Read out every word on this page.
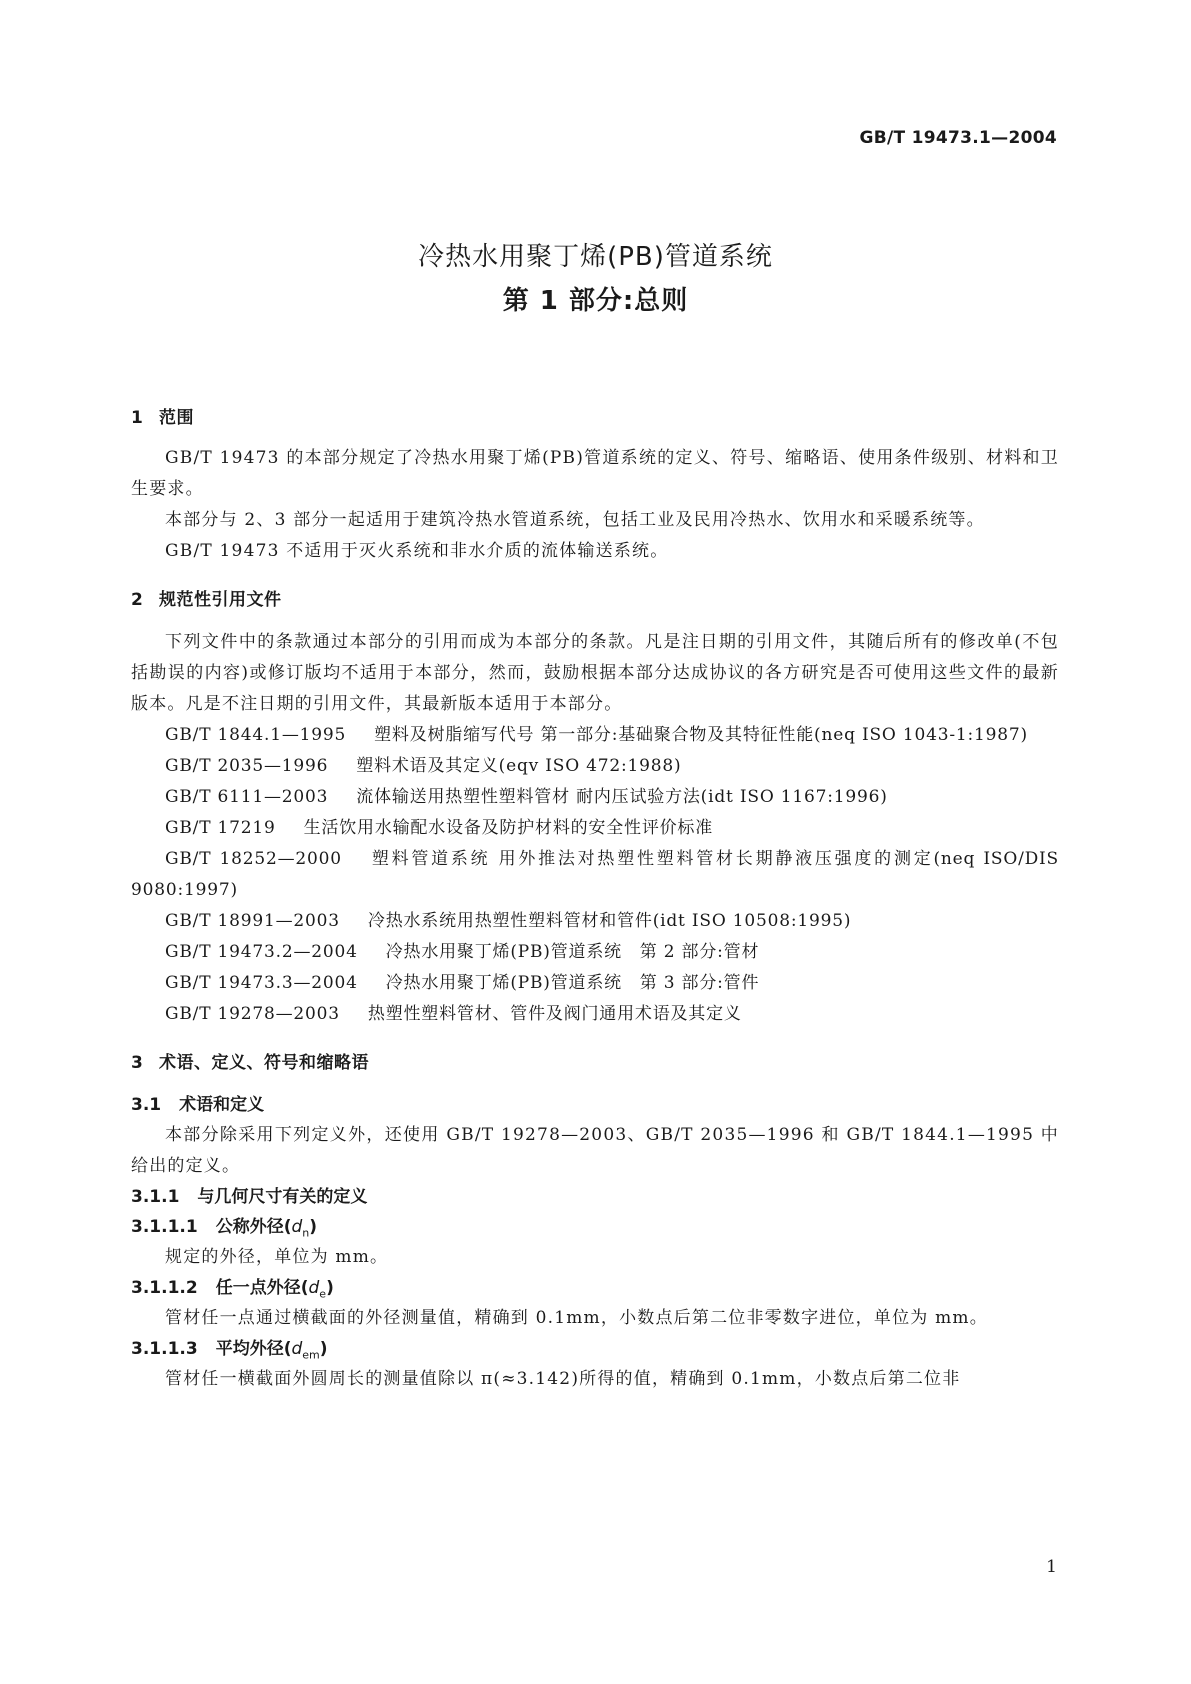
GB/T 19473.1—2004
冷热水用聚丁烯(PB)管道系统
第 1 部分:总则
1 范围

GB/T 19473 的本部分规定了冷热水用聚丁烯(PB)管道系统的定义、符号、缩略语、使用条件级别、材料和卫生要求。

本部分与 2、3 部分一起适用于建筑冷热水管道系统，包括工业及民用冷热水、饮用水和采暖系统等。

GB/T 19473 不适用于灭火系统和非水介质的流体输送系统。

2 规范性引用文件

下列文件中的条款通过本部分的引用而成为本部分的条款。凡是注日期的引用文件，其随后所有的修改单(不包括勘误的内容)或修订版均不适用于本部分，然而，鼓励根据本部分达成协议的各方研究是否可使用这些文件的最新版本。凡是不注日期的引用文件，其最新版本适用于本部分。

GB/T 1844.1—1995 塑料及树脂缩写代号 第一部分:基础聚合物及其特征性能(neq ISO 1043-1:1987)

GB/T 2035—1996 塑料术语及其定义(eqv ISO 472:1988)

GB/T 6111—2003 流体输送用热塑性塑料管材 耐内压试验方法(idt ISO 1167:1996)

GB/T 17219 生活饮用水输配水设备及防护材料的安全性评价标准

GB/T 18252—2000 塑料管道系统 用外推法对热塑性塑料管材长期静液压强度的测定(neq ISO/DIS 9080:1997)

GB/T 18991—2003 冷热水系统用热塑性塑料管材和管件(idt ISO 10508:1995)

GB/T 19473.2—2004 冷热水用聚丁烯(PB)管道系统　第 2 部分:管材

GB/T 19473.3—2004 冷热水用聚丁烯(PB)管道系统　第 3 部分:管件

GB/T 19278—2003 热塑性塑料管材、管件及阀门通用术语及其定义

3 术语、定义、符号和缩略语
3.1 术语和定义

本部分除采用下列定义外，还使用 GB/T 19278—2003、GB/T 2035—1996 和 GB/T 1844.1—1995 中给出的定义。

3.1.1 与几何尺寸有关的定义
3.1.1.1 公称外径$(d_n)$

规定的外径，单位为 mm。

3.1.1.2 任一点外径$(d_e)$

管材任一点通过横截面的外径测量值，精确到 0.1mm，小数点后第二位非零数字进位，单位为 mm。

3.1.1.3 平均外径$(d_{em})$

管材任一横截面外圆周长的测量值除以 π(≈3.142)所得的值，精确到 0.1mm，小数点后第二位非

1
